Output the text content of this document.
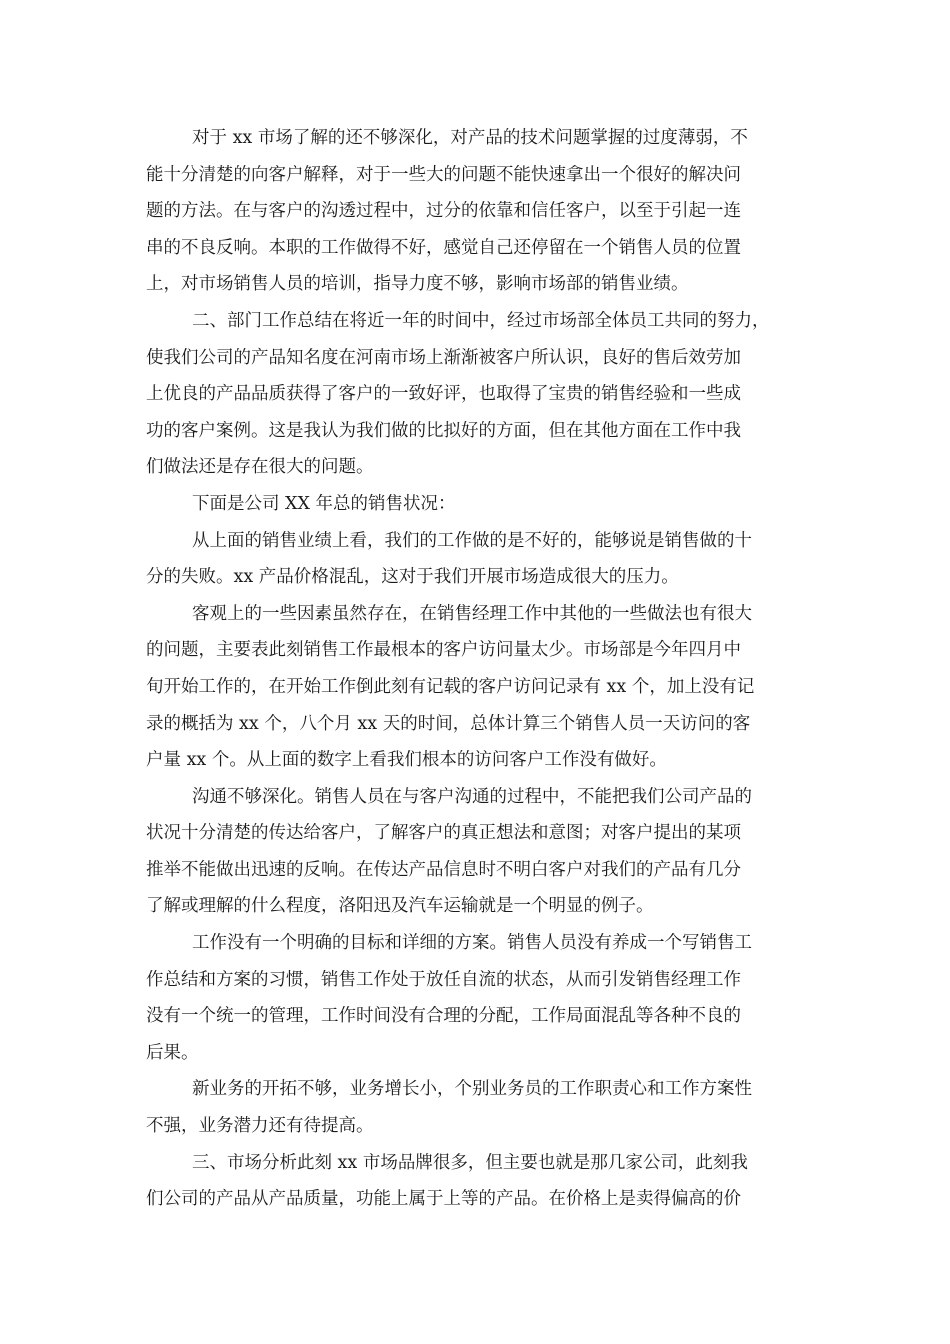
对于 xx 市场了解的还不够深化，对产品的技术问题掌握的过度薄弱，不
能十分清楚的向客户解释，对于一些大的问题不能快速拿出一个很好的解决问
题的方法。在与客户的沟透过程中，过分的依靠和信任客户，以至于引起一连
串的不良反响。本职的工作做得不好，感觉自己还停留在一个销售人员的位置
上，对市场销售人员的培训，指导力度不够，影响市场部的销售业绩。
二、部门工作总结在将近一年的时间中，经过市场部全体员工共同的努力，
使我们公司的产品知名度在河南市场上渐渐被客户所认识，良好的售后效劳加
上优良的产品品质获得了客户的一致好评，也取得了宝贵的销售经验和一些成
功的客户案例。这是我认为我们做的比拟好的方面，但在其他方面在工作中我
们做法还是存在很大的问题。
下面是公司 XX 年总的销售状况：
从上面的销售业绩上看，我们的工作做的是不好的，能够说是销售做的十
分的失败。xx 产品价格混乱，这对于我们开展市场造成很大的压力。
客观上的一些因素虽然存在，在销售经理工作中其他的一些做法也有很大
的问题，主要表此刻销售工作最根本的客户访问量太少。市场部是今年四月中
旬开始工作的，在开始工作倒此刻有记载的客户访问记录有 xx 个，加上没有记
录的概括为 xx 个，八个月 xx 天的时间，总体计算三个销售人员一天访问的客
户量 xx 个。从上面的数字上看我们根本的访问客户工作没有做好。
沟通不够深化。销售人员在与客户沟通的过程中，不能把我们公司产品的
状况十分清楚的传达给客户，了解客户的真正想法和意图；对客户提出的某项
推举不能做出迅速的反响。在传达产品信息时不明白客户对我们的产品有几分
了解或理解的什么程度，洛阳迅及汽车运输就是一个明显的例子。
工作没有一个明确的目标和详细的方案。销售人员没有养成一个写销售工
作总结和方案的习惯，销售工作处于放任自流的状态，从而引发销售经理工作
没有一个统一的管理，工作时间没有合理的分配，工作局面混乱等各种不良的
后果。
新业务的开拓不够，业务增长小，个别业务员的工作职责心和工作方案性
不强，业务潜力还有待提高。
三、市场分析此刻 xx 市场品牌很多，但主要也就是那几家公司，此刻我
们公司的产品从产品质量，功能上属于上等的产品。在价格上是卖得偏高的价
